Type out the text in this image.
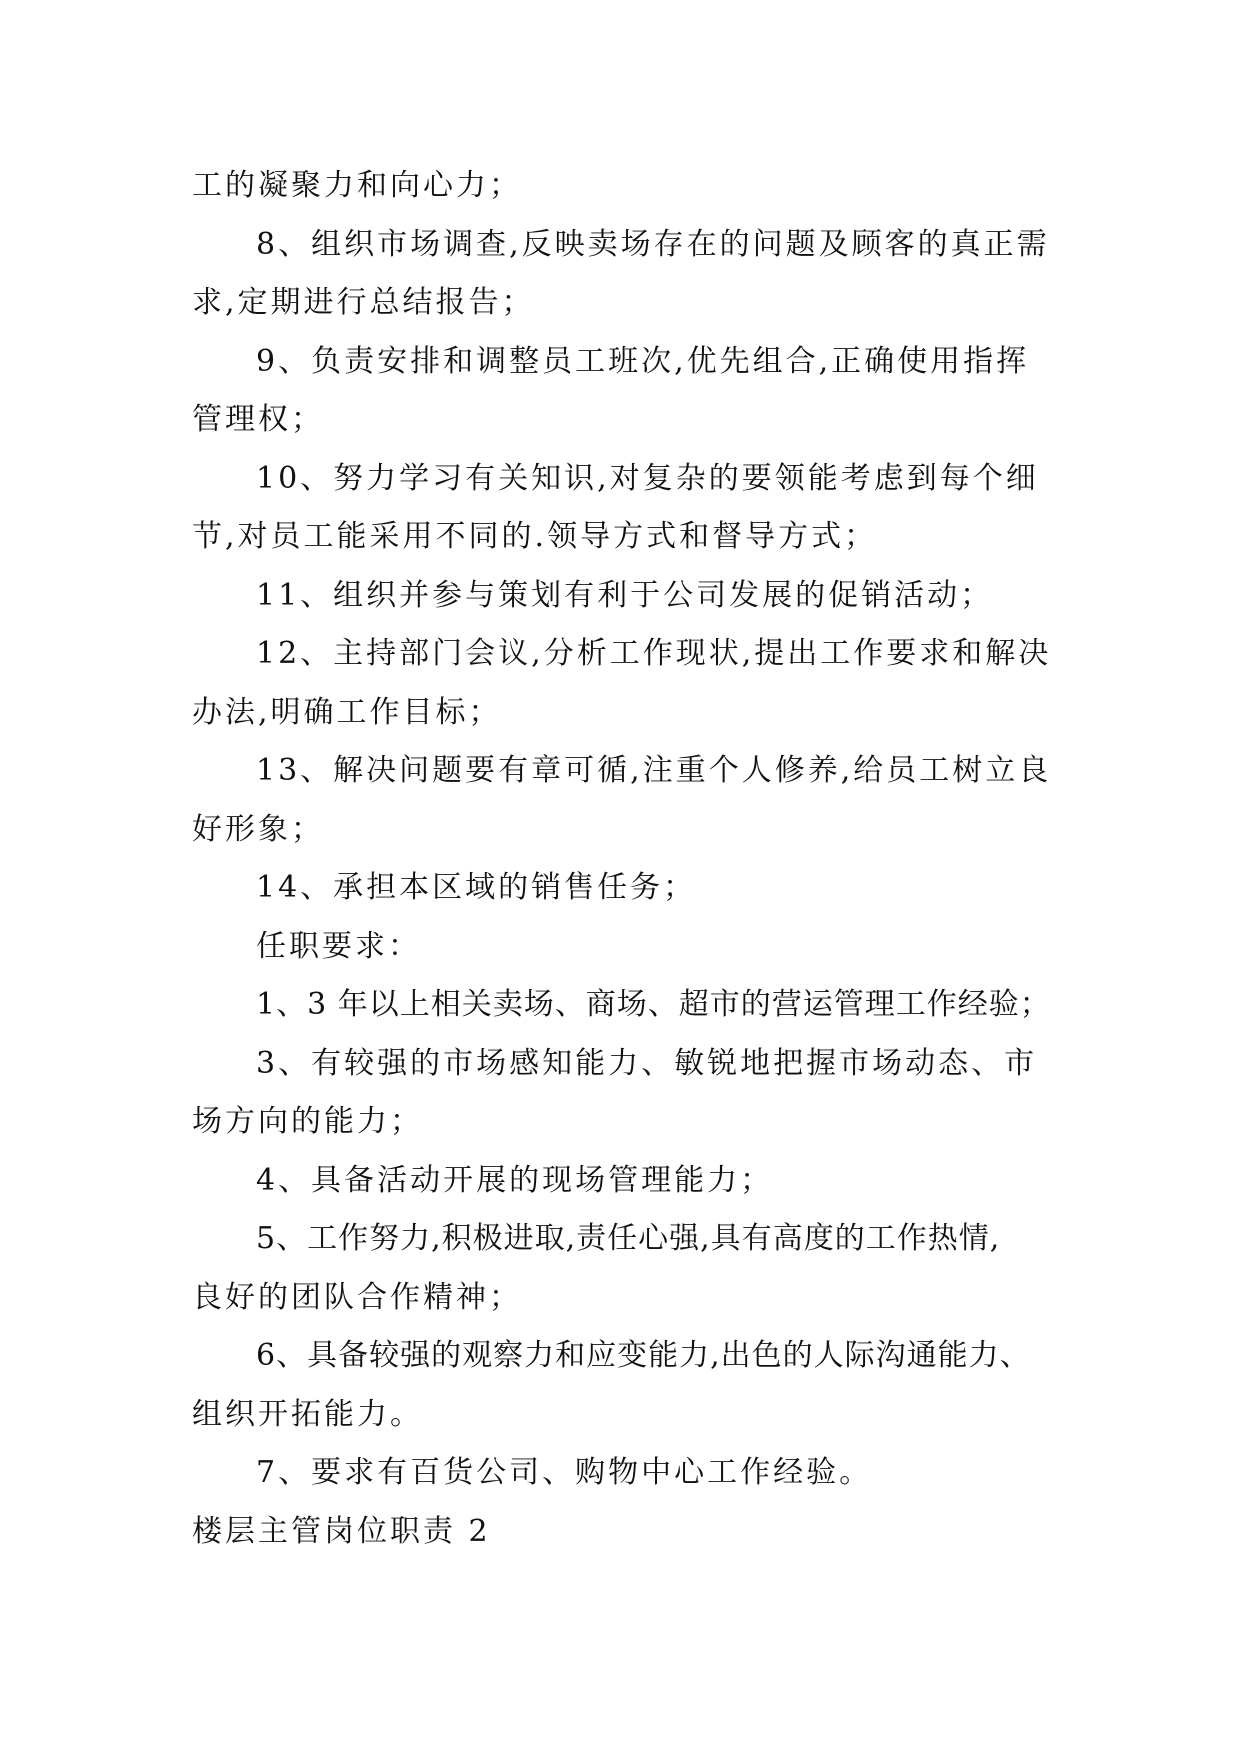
工的凝聚力和向心力；
8、组织市场调查,反映卖场存在的问题及顾客的真正需
求,定期进行总结报告；
9、负责安排和调整员工班次,优先组合,正确使用指挥
管理权；
10、努力学习有关知识,对复杂的要领能考虑到每个细
节,对员工能采用不同的.领导方式和督导方式；
11、组织并参与策划有利于公司发展的促销活动；
12、主持部门会议,分析工作现状,提出工作要求和解决
办法,明确工作目标；
13、解决问题要有章可循,注重个人修养,给员工树立良
好形象；
14、承担本区域的销售任务；
任职要求：
1、3 年以上相关卖场、商场、超市的营运管理工作经验；
3、有较强的市场感知能力、敏锐地把握市场动态、市
场方向的能力；
4、具备活动开展的现场管理能力；
5、工作努力,积极进取,责任心强,具有高度的工作热情,
良好的团队合作精神；
6、具备较强的观察力和应变能力,出色的人际沟通能力、
组织开拓能力。
7、要求有百货公司、购物中心工作经验。
楼层主管岗位职责 2
